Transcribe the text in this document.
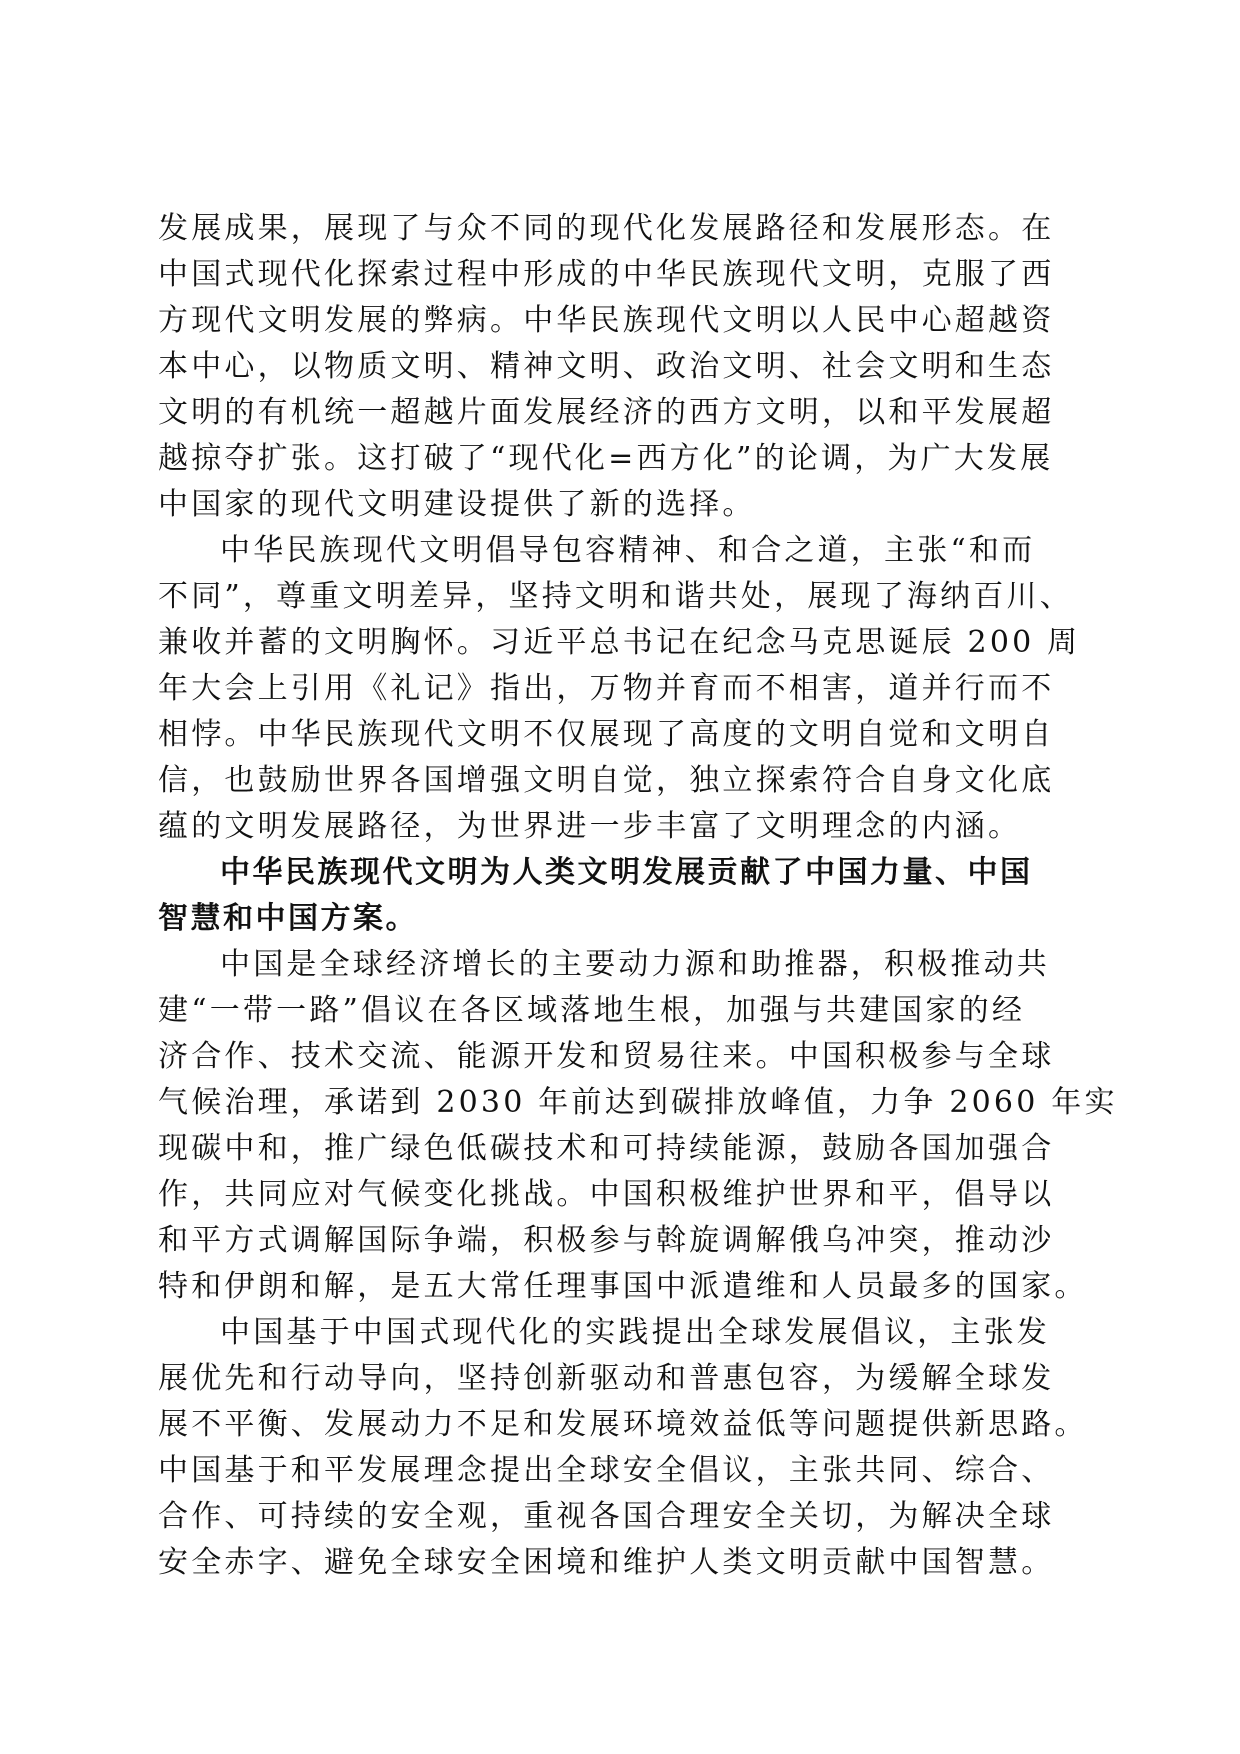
发展成果，展现了与众不同的现代化发展路径和发展形态。在
中国式现代化探索过程中形成的中华民族现代文明，克服了西
方现代文明发展的弊病。中华民族现代文明以人民中心超越资
本中心，以物质文明、精神文明、政治文明、社会文明和生态
文明的有机统一超越片面发展经济的西方文明，以和平发展超
越掠夺扩张。这打破了“现代化=西方化”的论调，为广大发展
中国家的现代文明建设提供了新的选择。
中华民族现代文明倡导包容精神、和合之道，主张“和而
不同”，尊重文明差异，坚持文明和谐共处，展现了海纳百川、
兼收并蓄的文明胸怀。习近平总书记在纪念马克思诞辰 200 周
年大会上引用《礼记》指出，万物并育而不相害，道并行而不
相悖。中华民族现代文明不仅展现了高度的文明自觉和文明自
信，也鼓励世界各国增强文明自觉，独立探索符合自身文化底
蕴的文明发展路径，为世界进一步丰富了文明理念的内涵。
中华民族现代文明为人类文明发展贡献了中国力量、中国
智慧和中国方案。
中国是全球经济增长的主要动力源和助推器，积极推动共
建“一带一路”倡议在各区域落地生根，加强与共建国家的经
济合作、技术交流、能源开发和贸易往来。中国积极参与全球
气候治理，承诺到 2030 年前达到碳排放峰值，力争 2060 年实
现碳中和，推广绿色低碳技术和可持续能源，鼓励各国加强合
作，共同应对气候变化挑战。中国积极维护世界和平，倡导以
和平方式调解国际争端，积极参与斡旋调解俄乌冲突，推动沙
特和伊朗和解，是五大常任理事国中派遣维和人员最多的国家。
中国基于中国式现代化的实践提出全球发展倡议，主张发
展优先和行动导向，坚持创新驱动和普惠包容，为缓解全球发
展不平衡、发展动力不足和发展环境效益低等问题提供新思路。
中国基于和平发展理念提出全球安全倡议，主张共同、综合、
合作、可持续的安全观，重视各国合理安全关切，为解决全球
安全赤字、避免全球安全困境和维护人类文明贡献中国智慧。
